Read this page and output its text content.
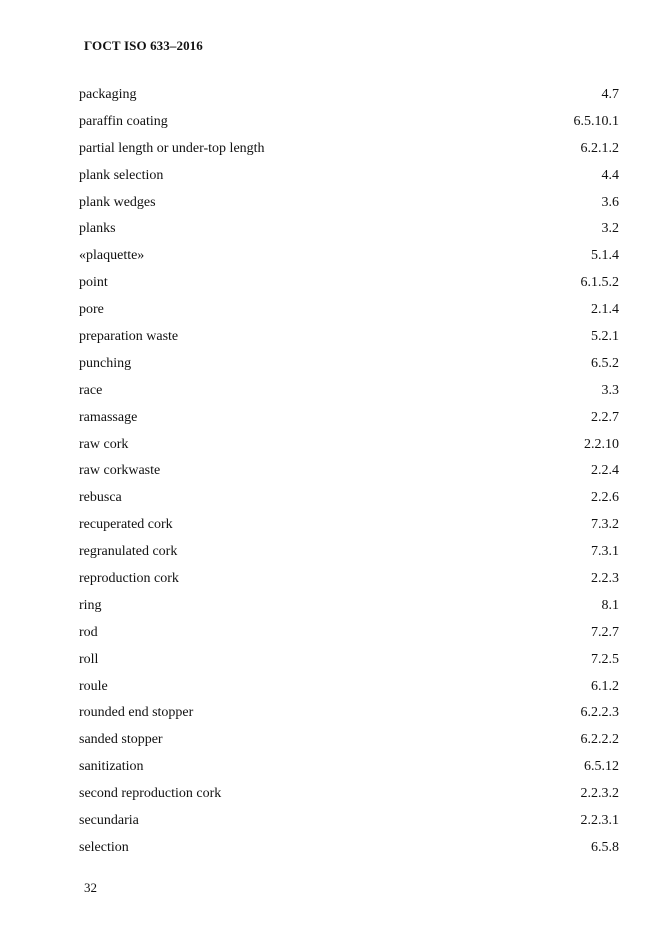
ГОСТ ISO 633–2016
packaging	4.7
paraffin coating	6.5.10.1
partial length or under-top length	6.2.1.2
plank selection	4.4
plank wedges	3.6
planks	3.2
«plaquette»	5.1.4
point	6.1.5.2
pore	2.1.4
preparation waste	5.2.1
punching	6.5.2
race	3.3
ramassage	2.2.7
raw cork	2.2.10
raw corkwaste	2.2.4
rebusca	2.2.6
recuperated cork	7.3.2
regranulated cork	7.3.1
reproduction cork	2.2.3
ring	8.1
rod	7.2.7
roll	7.2.5
roule	6.1.2
rounded end stopper	6.2.2.3
sanded stopper	6.2.2.2
sanitization	6.5.12
second reproduction cork	2.2.3.2
secundaria	2.2.3.1
selection	6.5.8
32
